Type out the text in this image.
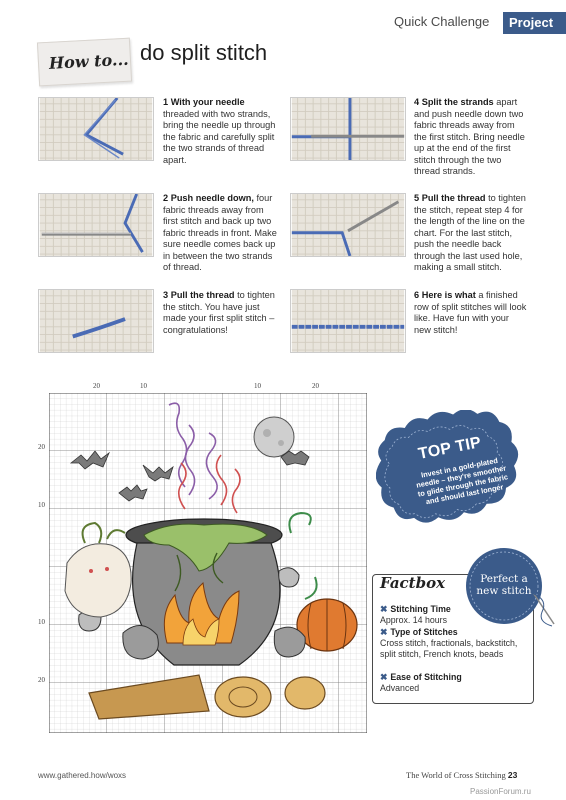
Quick Challenge	Project
How to... do split stitch
1 With your needle threaded with two strands, bring the needle up through the fabric and carefully split the two strands of thread apart.
2 Push needle down, four fabric threads away from first stitch and back up two fabric threads in front. Make sure needle comes back up in between the two strands of thread.
3 Pull the thread to tighten the stitch. You have just made your first split stitch – congratulations!
4 Split the strands apart and push needle down two fabric threads away from the first stitch. Bring needle up at the end of the first stitch through the two thread strands.
5 Pull the thread to tighten the stitch, repeat step 4 for the length of the line on the chart. For the last stitch, push the needle back through the last used hole, making a small stitch.
6 Here is what a finished row of split stitches will look like. Have fun with your new stitch!
20	10	10	20
20
10
10
20
TOP TIP
Invest in a gold-plated needle – they're smoother to glide through the fabric and should last longer
Factbox
✖ Stitching Time
Approx. 14 hours
✖ Type of Stitches
Cross stitch, fractionals, backstitch, split stitch, French knots, beads
✖ Ease of Stitching
Advanced
Perfect a
new stitch
www.gathered.how/woxs	The World of Cross Stitching 23
PassionForum.ru
